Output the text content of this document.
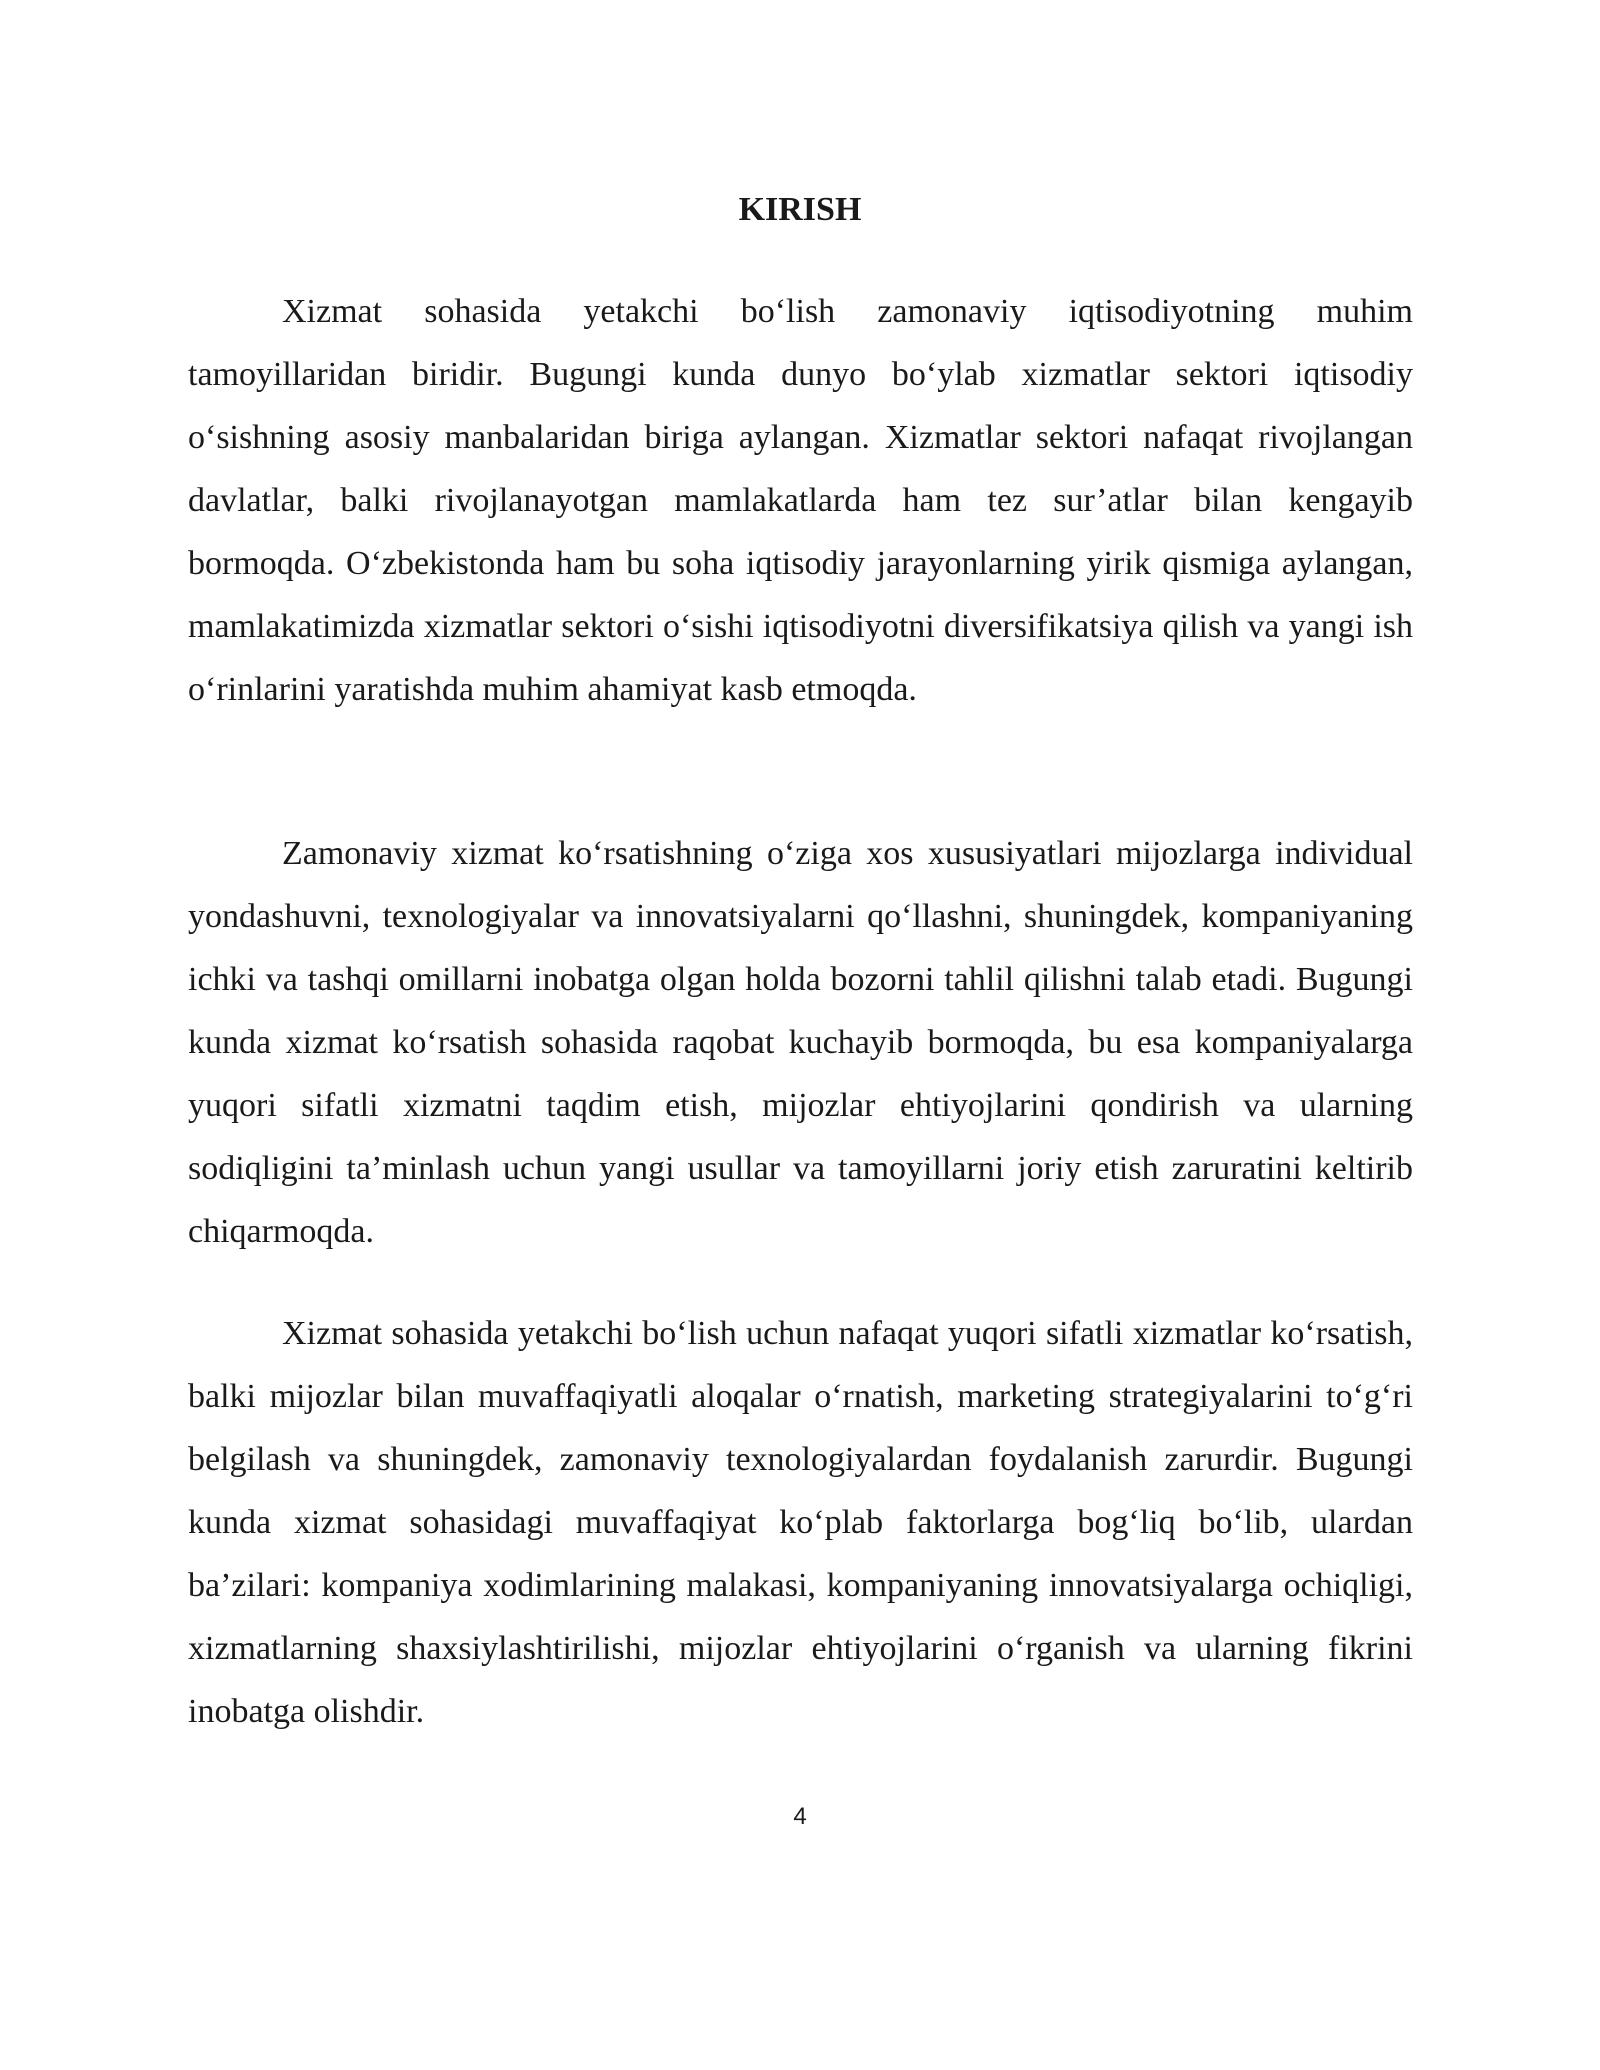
KIRISH

Xizmat sohasida yetakchi bo‘lish zamonaviy iqtisodiyotning muhim tamoyillaridan biridir. Bugungi kunda dunyo bo‘ylab xizmatlar sektori iqtisodiy o‘sishning asosiy manbalaridan biriga aylangan. Xizmatlar sektori nafaqat rivojlangan davlatlar, balki rivojlanayotgan mamlakatlarda ham tez sur’atlar bilan kengayib bormoqda. O‘zbekistonda ham bu soha iqtisodiy jarayonlarning yirik qismiga aylangan, mamlakatimizda xizmatlar sektori o‘sishi iqtisodiyotni diversifikatsiya qilish va yangi ish o‘rinlarini yaratishda muhim ahamiyat kasb etmoqda.

Zamonaviy xizmat ko‘rsatishning o‘ziga xos xususiyatlari mijozlarga individual yondashuvni, texnologiyalar va innovatsiyalarni qo‘llashni, shuningdek, kompaniyaning ichki va tashqi omillarni inobatga olgan holda bozorni tahlil qilishni talab etadi. Bugungi kunda xizmat ko‘rsatish sohasida raqobat kuchayib bormoqda, bu esa kompaniyalarga yuqori sifatli xizmatni taqdim etish, mijozlar ehtiyojlarini qondirish va ularning sodiqligini ta’minlash uchun yangi usullar va tamoyillarni joriy etish zaruratini keltirib chiqarmoqda.

Xizmat sohasida yetakchi bo‘lish uchun nafaqat yuqori sifatli xizmatlar ko‘rsatish, balki mijozlar bilan muvaffaqiyatli aloqalar o‘rnatish, marketing strategiyalarini to‘g‘ri belgilash va shuningdek, zamonaviy texnologiyalardan foydalanish zarurdir. Bugungi kunda xizmat sohasidagi muvaffaqiyat ko‘plab faktorlarga bog‘liq bo‘lib, ulardan ba’zilari: kompaniya xodimlarining malakasi, kompaniyaning innovatsiyalarga ochiqligi, xizmatlarning shaxsiylashtirilishi, mijozlar ehtiyojlarini o‘rganish va ularning fikrini inobatga olishdir.

4
